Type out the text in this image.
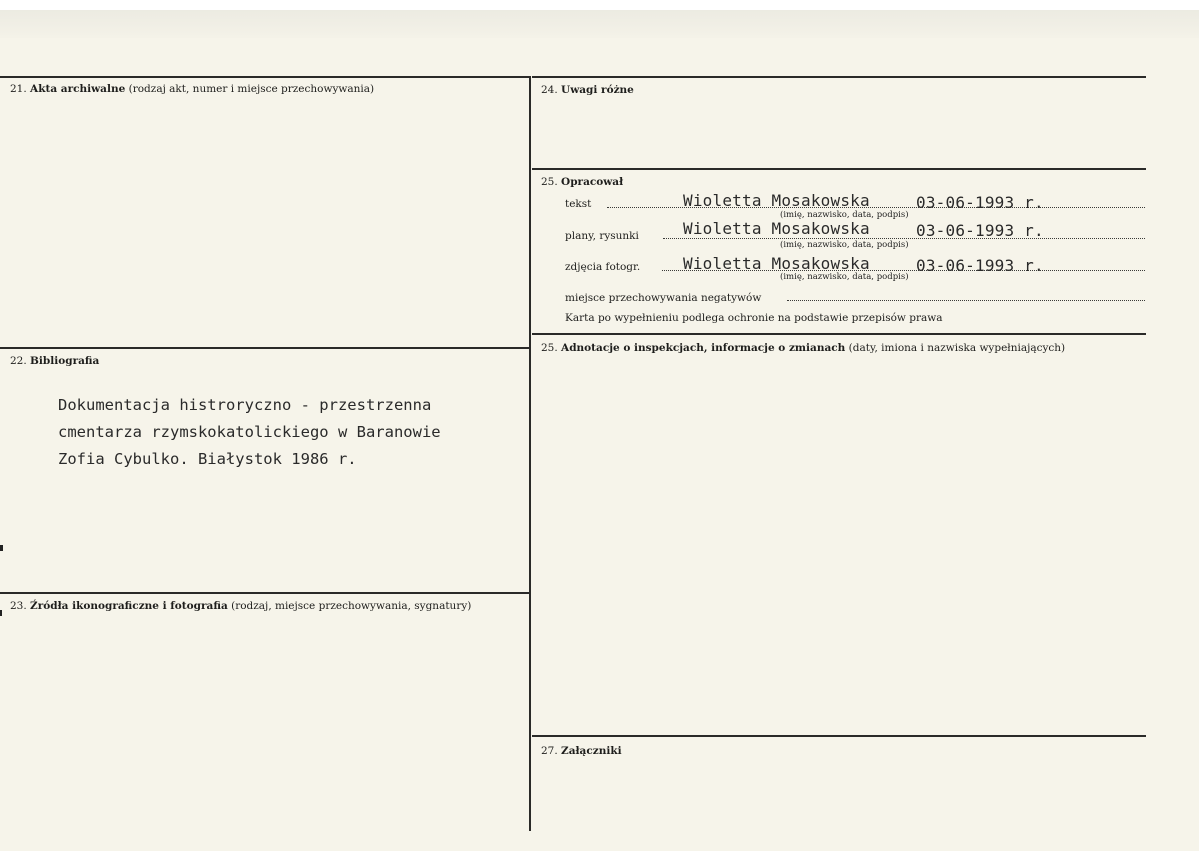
21. Akta archiwalne (rodzaj akt, numer i miejsce przechowywania)
22. Bibliografia
Dokumentacja histroryczno - przestrzenna
cmentarza rzymskokatolickiego w Baranowie
Zofia Cybulko. Białystok 1986 r.
23. Źródła ikonograficzne i fotografia (rodzaj, miejsce przechowywania, sygnatury)
24. Uwagi różne
25. Opracował
tekst	Wioletta Mosakowska	03-06-1993 r.
(imię, nazwisko, data, podpis)
plany, rysunki	Wioletta Mosakowska	03-06-1993 r.
(imię, nazwisko, data, podpis)
zdjęcia fotogr.	Wioletta Mosakowska	03-06-1993 r.
(imię, nazwisko, data, podpis)
miejsce przechowywania negatywów
Karta po wypełnieniu podlega ochronie na podstawie przepisów prawa
25. Adnotacje o inspekcjach, informacje o zmianach (daty, imiona i nazwiska wypełniających)
27. Załączniki
